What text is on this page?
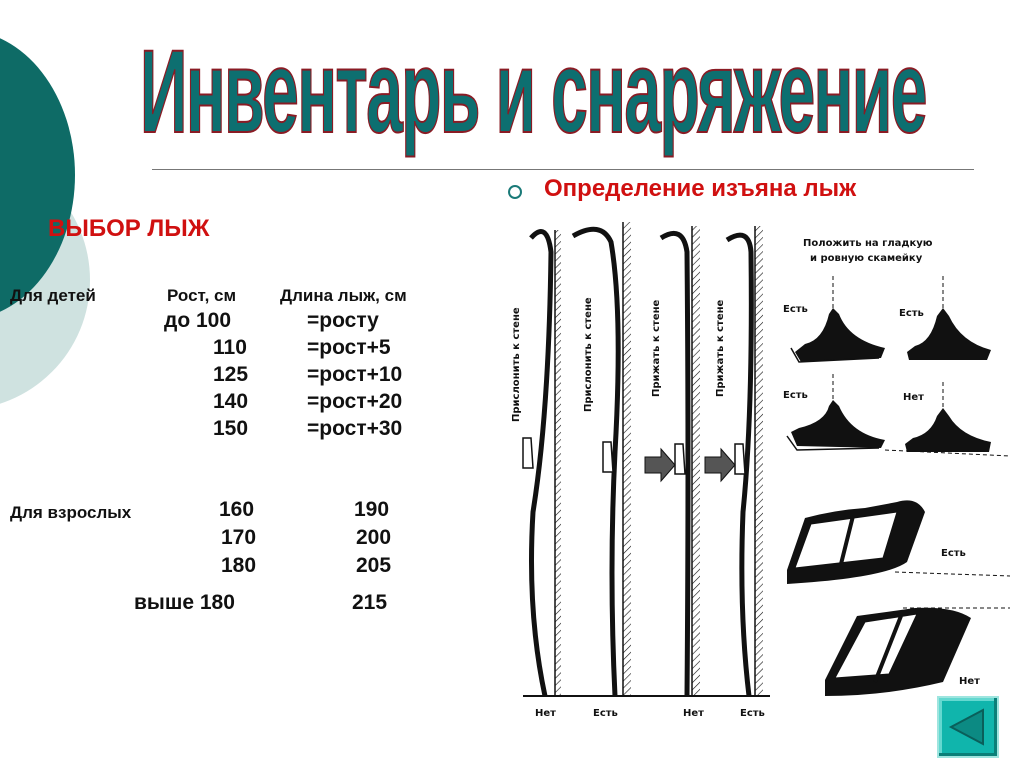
Инвентарь и снаряжение
Определение изъяна лыж
ВЫБОР ЛЫЖ
Для детей	Рост, см	Длина лыж, см
до 100	=росту
110	=рост+5
125	=рост+10
140	=рост+20
150	=рост+30
Для взрослых	160	190
170	200
180	205
выше 180	215
Прислонить к стене	Прислонить к стене	Прижать к стене	Прижать к стене
Нет	Есть	Нет	Есть
Положить на гладкую
и ровную скамейку
Есть	Есть
Есть	Нет
Есть
Нет
